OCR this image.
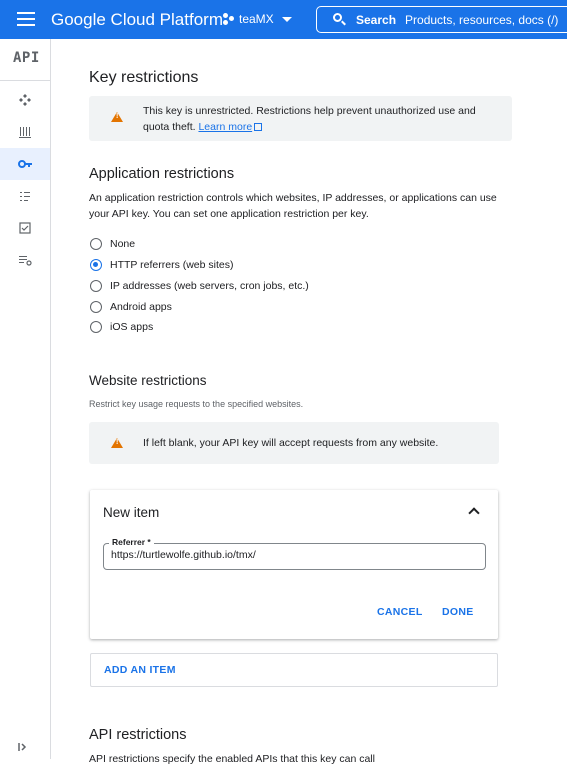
Google Cloud Platform teaMX	Search Products, resources, docs (/)
API
Key restrictions
!
This key is unrestricted. Restrictions help prevent unauthorized use and quota theft. Learn more
Application restrictions
An application restriction controls which websites, IP addresses, or applications can use your API key. You can set one application restriction per key.
None
HTTP referrers (web sites)
IP addresses (web servers, cron jobs, etc.)
Android apps
iOS apps
Website restrictions
Restrict key usage requests to the specified websites.
!
If left blank, your API key will accept requests from any website.
New item
Referrer *
https://turtlewolfe.github.io/tmx/
CANCEL DONE
ADD AN ITEM
API restrictions
API restrictions specify the enabled APIs that this key can call
